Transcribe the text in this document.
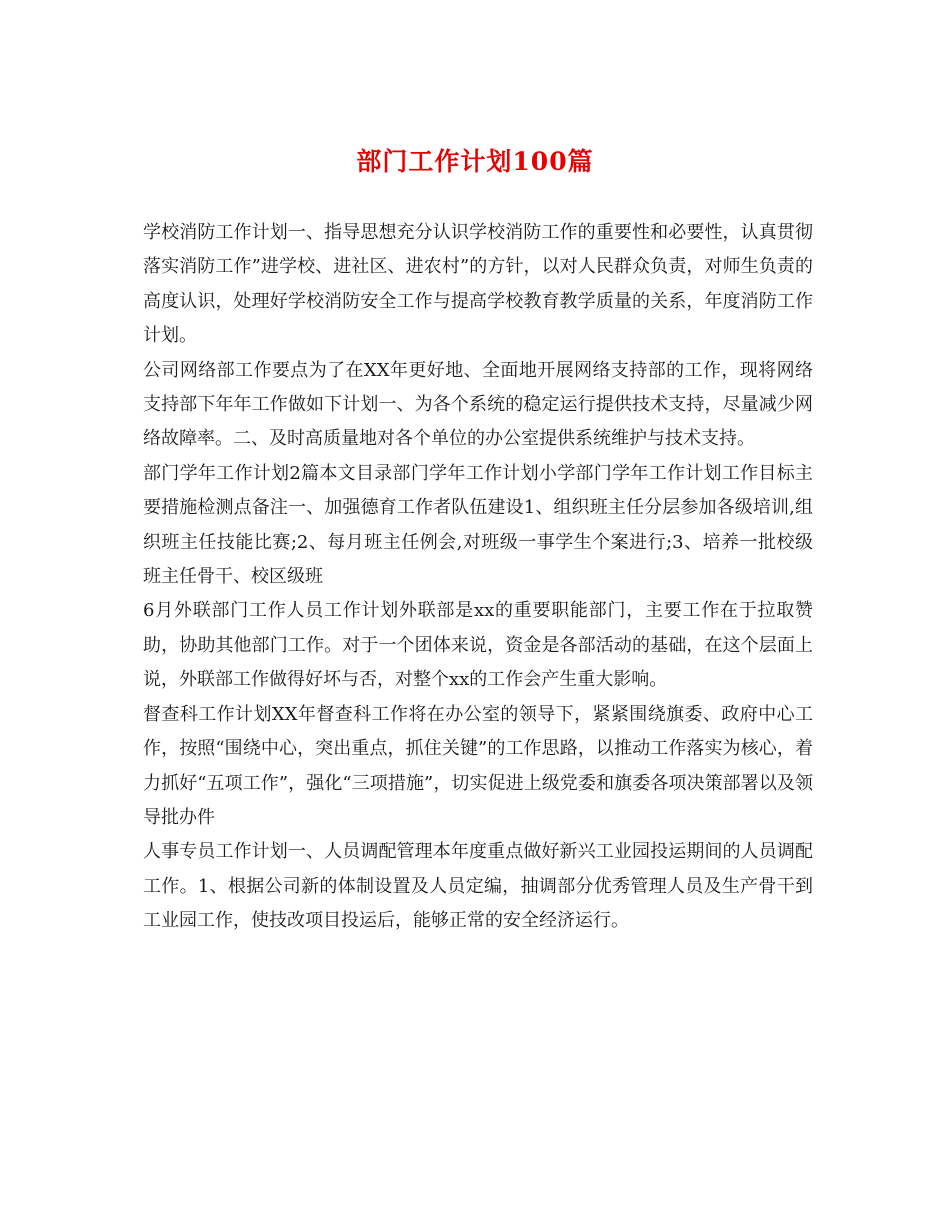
部门工作计划100篇

学校消防工作计划一、指导思想充分认识学校消防工作的重要性和必要性，认真贯彻落实消防工作”进学校、进社区、进农村”的方针，以对人民群众负责，对师生负责的高度认识，处理好学校消防安全工作与提高学校教育教学质量的关系，年度消防工作计划。

公司网络部工作要点为了在XX年更好地、全面地开展网络支持部的工作，现将网络支持部下年年工作做如下计划一、为各个系统的稳定运行提供技术支持，尽量减少网络故障率。二、及时高质量地对各个单位的办公室提供系统维护与技术支持。

部门学年工作计划2篇本文目录部门学年工作计划小学部门学年工作计划工作目标主要措施检测点备注一、加强德育工作者队伍建设1、组织班主任分层参加各级培训,组织班主任技能比赛;2、每月班主任例会,对班级一事学生个案进行;3、培养一批校级班主任骨干、校区级班

6月外联部门工作人员工作计划外联部是xx的重要职能部门，主要工作在于拉取赞助，协助其他部门工作。对于一个团体来说，资金是各部活动的基础，在这个层面上说，外联部工作做得好坏与否，对整个xx的工作会产生重大影响。

督查科工作计划XX年督查科工作将在办公室的领导下，紧紧围绕旗委、政府中心工作，按照“围绕中心，突出重点，抓住关键”的工作思路，以推动工作落实为核心，着力抓好“五项工作”，强化“三项措施”，切实促进上级党委和旗委各项决策部署以及领导批办件

人事专员工作计划一、人员调配管理本年度重点做好新兴工业园投运期间的人员调配工作。1、根据公司新的体制设置及人员定编，抽调部分优秀管理人员及生产骨干到工业园工作，使技改项目投运后，能够正常的安全经济运行。
